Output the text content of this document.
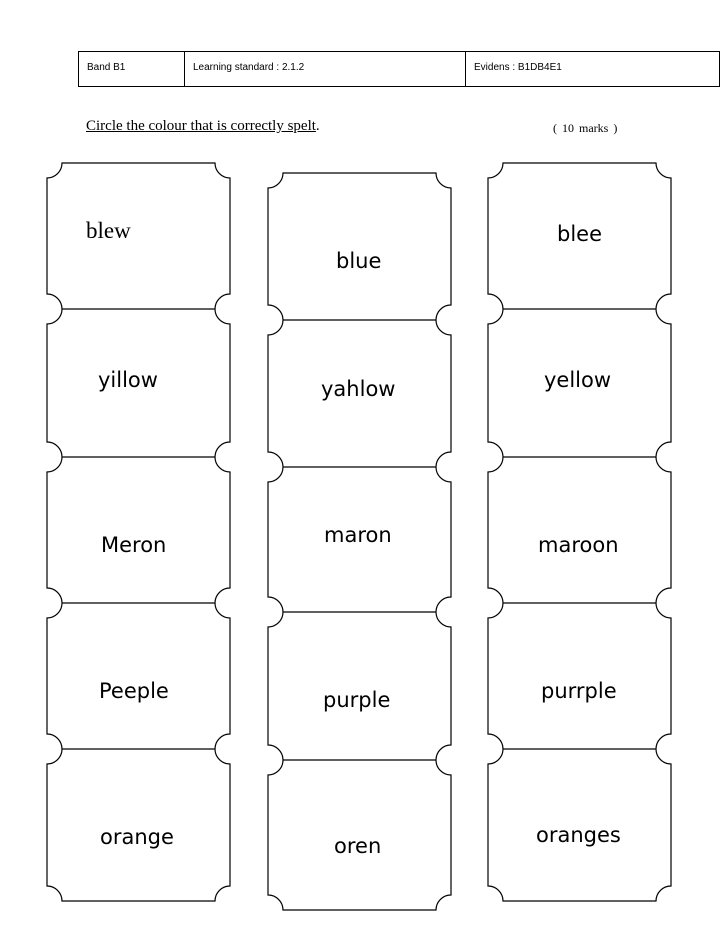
Band B1	Learning standard : 2.1.2	Evidens : B1DB4E1
Circle the colour that is correctly spelt.	( 10 marks )
blew
yillow
Meron
Peeple
orange
blue
yahlow
maron
purple
oren
blee
yellow
maroon
purrple
oranges
